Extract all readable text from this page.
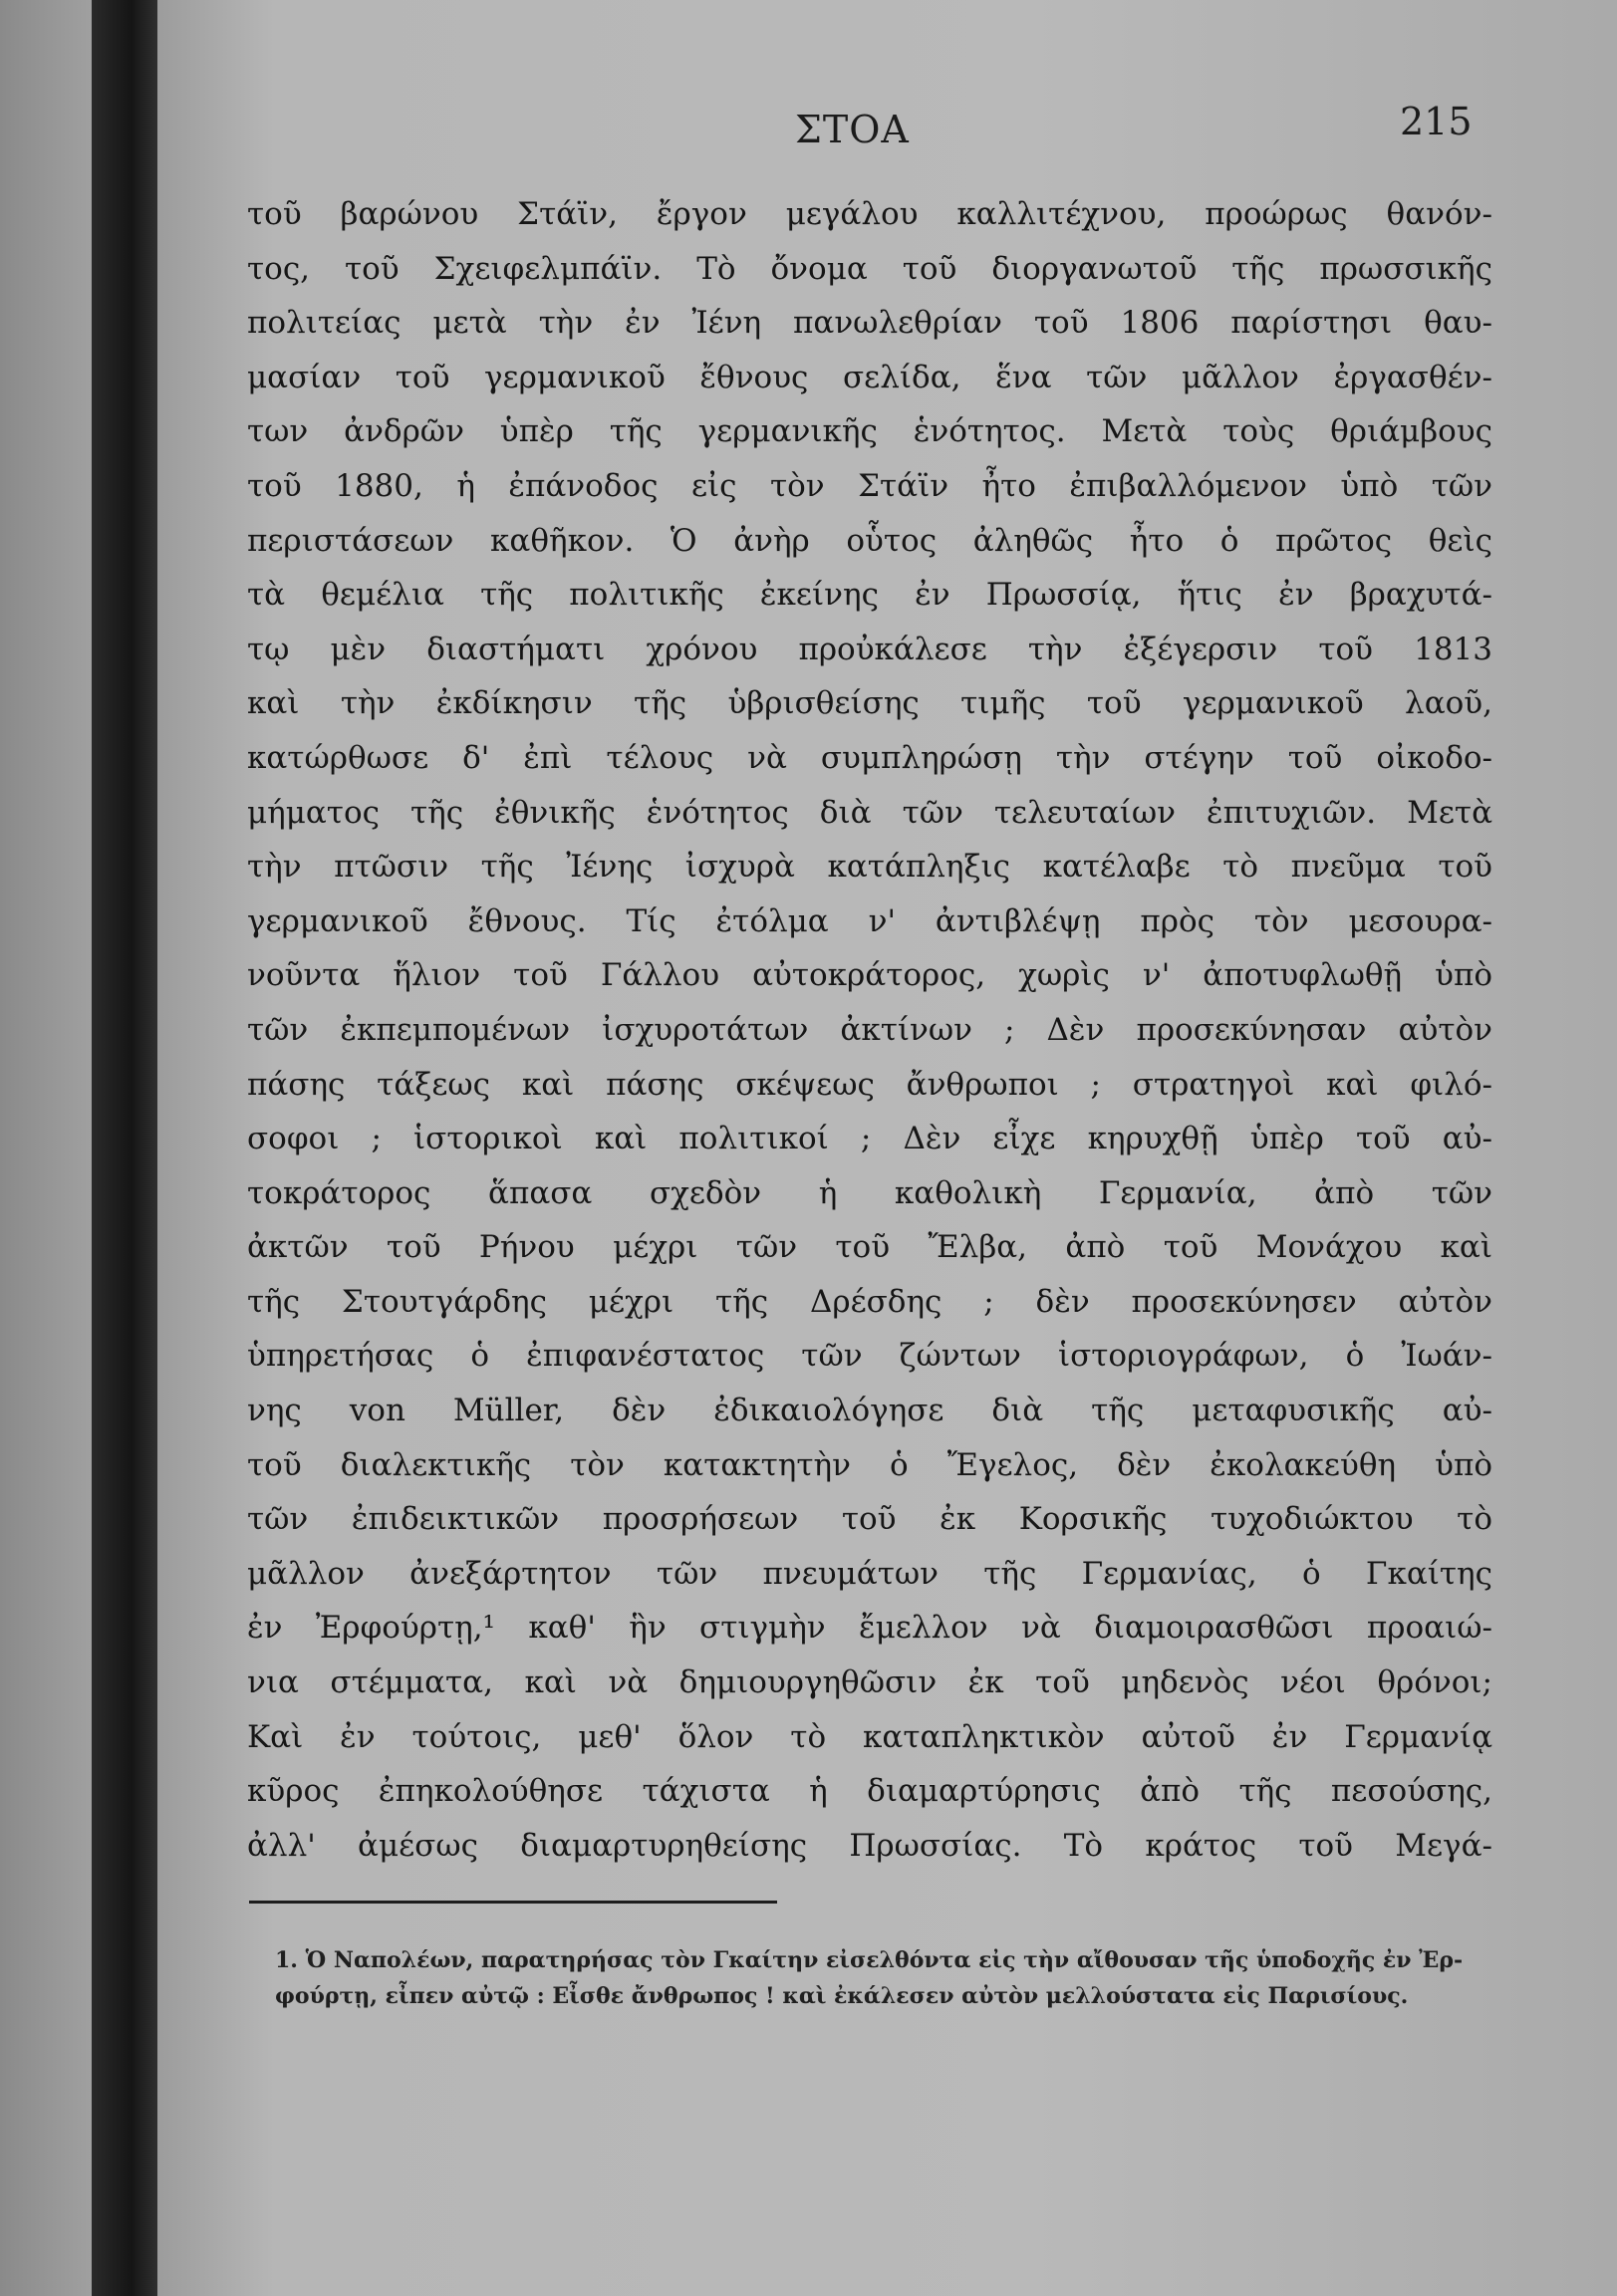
ΣΤΟΑ	215
τοῦ βαρώνου Στάϊν, ἔργον μεγάλου καλλιτέχνου, προώρως θανόν-
τος, τοῦ Σχειφελμπάϊν. Τὸ ὄνομα τοῦ διοργανωτοῦ τῆς πρωσσικῆς
πολιτείας μετὰ τὴν ἐν Ἰένη πανωλεθρίαν τοῦ 1806 παρίστησι θαυ-
μασίαν τοῦ γερμανικοῦ ἔθνους σελίδα, ἕνα τῶν μᾶλλον ἐργασθέν-
των ἀνδρῶν ὑπὲρ τῆς γερμανικῆς ἑνότητος. Μετὰ τοὺς θριάμβους
τοῦ 1880, ἡ ἐπάνοδος εἰς τὸν Στάϊν ἦτο ἐπιβαλλόμενον ὑπὸ τῶν
περιστάσεων καθῆκον. Ὁ ἀνὴρ οὗτος ἀληθῶς ἦτο ὁ πρῶτος θεὶς
τὰ θεμέλια τῆς πολιτικῆς ἐκείνης ἐν Πρωσσίᾳ, ἥτις ἐν βραχυτά-
τῳ μὲν διαστήματι χρόνου προὐκάλεσε τὴν ἐξέγερσιν τοῦ 1813
καὶ τὴν ἐκδίκησιν τῆς ὑβρισθείσης τιμῆς τοῦ γερμανικοῦ λαοῦ,
κατώρθωσε δ' ἐπὶ τέλους νὰ συμπληρώσῃ τὴν στέγην τοῦ οἰκοδο-
μήματος τῆς ἐθνικῆς ἑνότητος διὰ τῶν τελευταίων ἐπιτυχιῶν. Μετὰ
τὴν πτῶσιν τῆς Ἰένης ἰσχυρὰ κατάπληξις κατέλαβε τὸ πνεῦμα τοῦ
γερμανικοῦ ἔθνους. Τίς ἐτόλμα ν' ἀντιβλέψῃ πρὸς τὸν μεσουρα-
νοῦντα ἥλιον τοῦ Γάλλου αὐτοκράτορος, χωρὶς ν' ἀποτυφλωθῇ ὑπὸ
τῶν ἐκπεμπομένων ἰσχυροτάτων ἀκτίνων ; Δὲν προσεκύνησαν αὐτὸν
πάσης τάξεως καὶ πάσης σκέψεως ἄνθρωποι ; στρατηγοὶ καὶ φιλό-
σοφοι ; ἱστορικοὶ καὶ πολιτικοί ; Δὲν εἶχε κηρυχθῇ ὑπὲρ τοῦ αὐ-
τοκράτορος ἅπασα σχεδὸν ἡ καθολικὴ Γερμανία, ἀπὸ τῶν
ἀκτῶν τοῦ Ρήνου μέχρι τῶν τοῦ Ἔλβα, ἀπὸ τοῦ Μονάχου καὶ
τῆς Στουτγάρδης μέχρι τῆς Δρέσδης ; δὲν προσεκύνησεν αὐτὸν
ὑπηρετήσας ὁ ἐπιφανέστατος τῶν ζώντων ἱστοριογράφων, ὁ Ἰωάν-
νης von Müller, δὲν ἐδικαιολόγησε διὰ τῆς μεταφυσικῆς αὐ-
τοῦ διαλεκτικῆς τὸν κατακτητὴν ὁ Ἔγελος, δὲν ἐκολακεύθη ὑπὸ
τῶν ἐπιδεικτικῶν προσρήσεων τοῦ ἐκ Κορσικῆς τυχοδιώκτου τὸ
μᾶλλον ἀνεξάρτητον τῶν πνευμάτων τῆς Γερμανίας, ὁ Γκαίτης
ἐν Ἐρφούρτῃ,¹ καθ' ἣν στιγμὴν ἔμελλον νὰ διαμοιρασθῶσι προαιώ-
νια στέμματα, καὶ νὰ δημιουργηθῶσιν ἐκ τοῦ μηδενὸς νέοι θρόνοι;
Καὶ ἐν τούτοις, μεθ' ὅλον τὸ καταπληκτικὸν αὐτοῦ ἐν Γερμανίᾳ
κῦρος ἐπηκολούθησε τάχιστα ἡ διαμαρτύρησις ἀπὸ τῆς πεσούσης,
ἀλλ' ἀμέσως διαμαρτυρηθείσης Πρωσσίας. Τὸ κράτος τοῦ Μεγά-
1. Ὁ Ναπολέων, παρατηρήσας τὸν Γκαίτην εἰσελθόντα εἰς τὴν αἴθουσαν τῆς ὑποδοχῆς ἐν Ἐρ-
φούρτῃ, εἶπεν αὐτῷ : Εἶσθε ἄνθρωπος ! καὶ ἐκάλεσεν αὐτὸν μελλούστατα εἰς Παρισίους.
